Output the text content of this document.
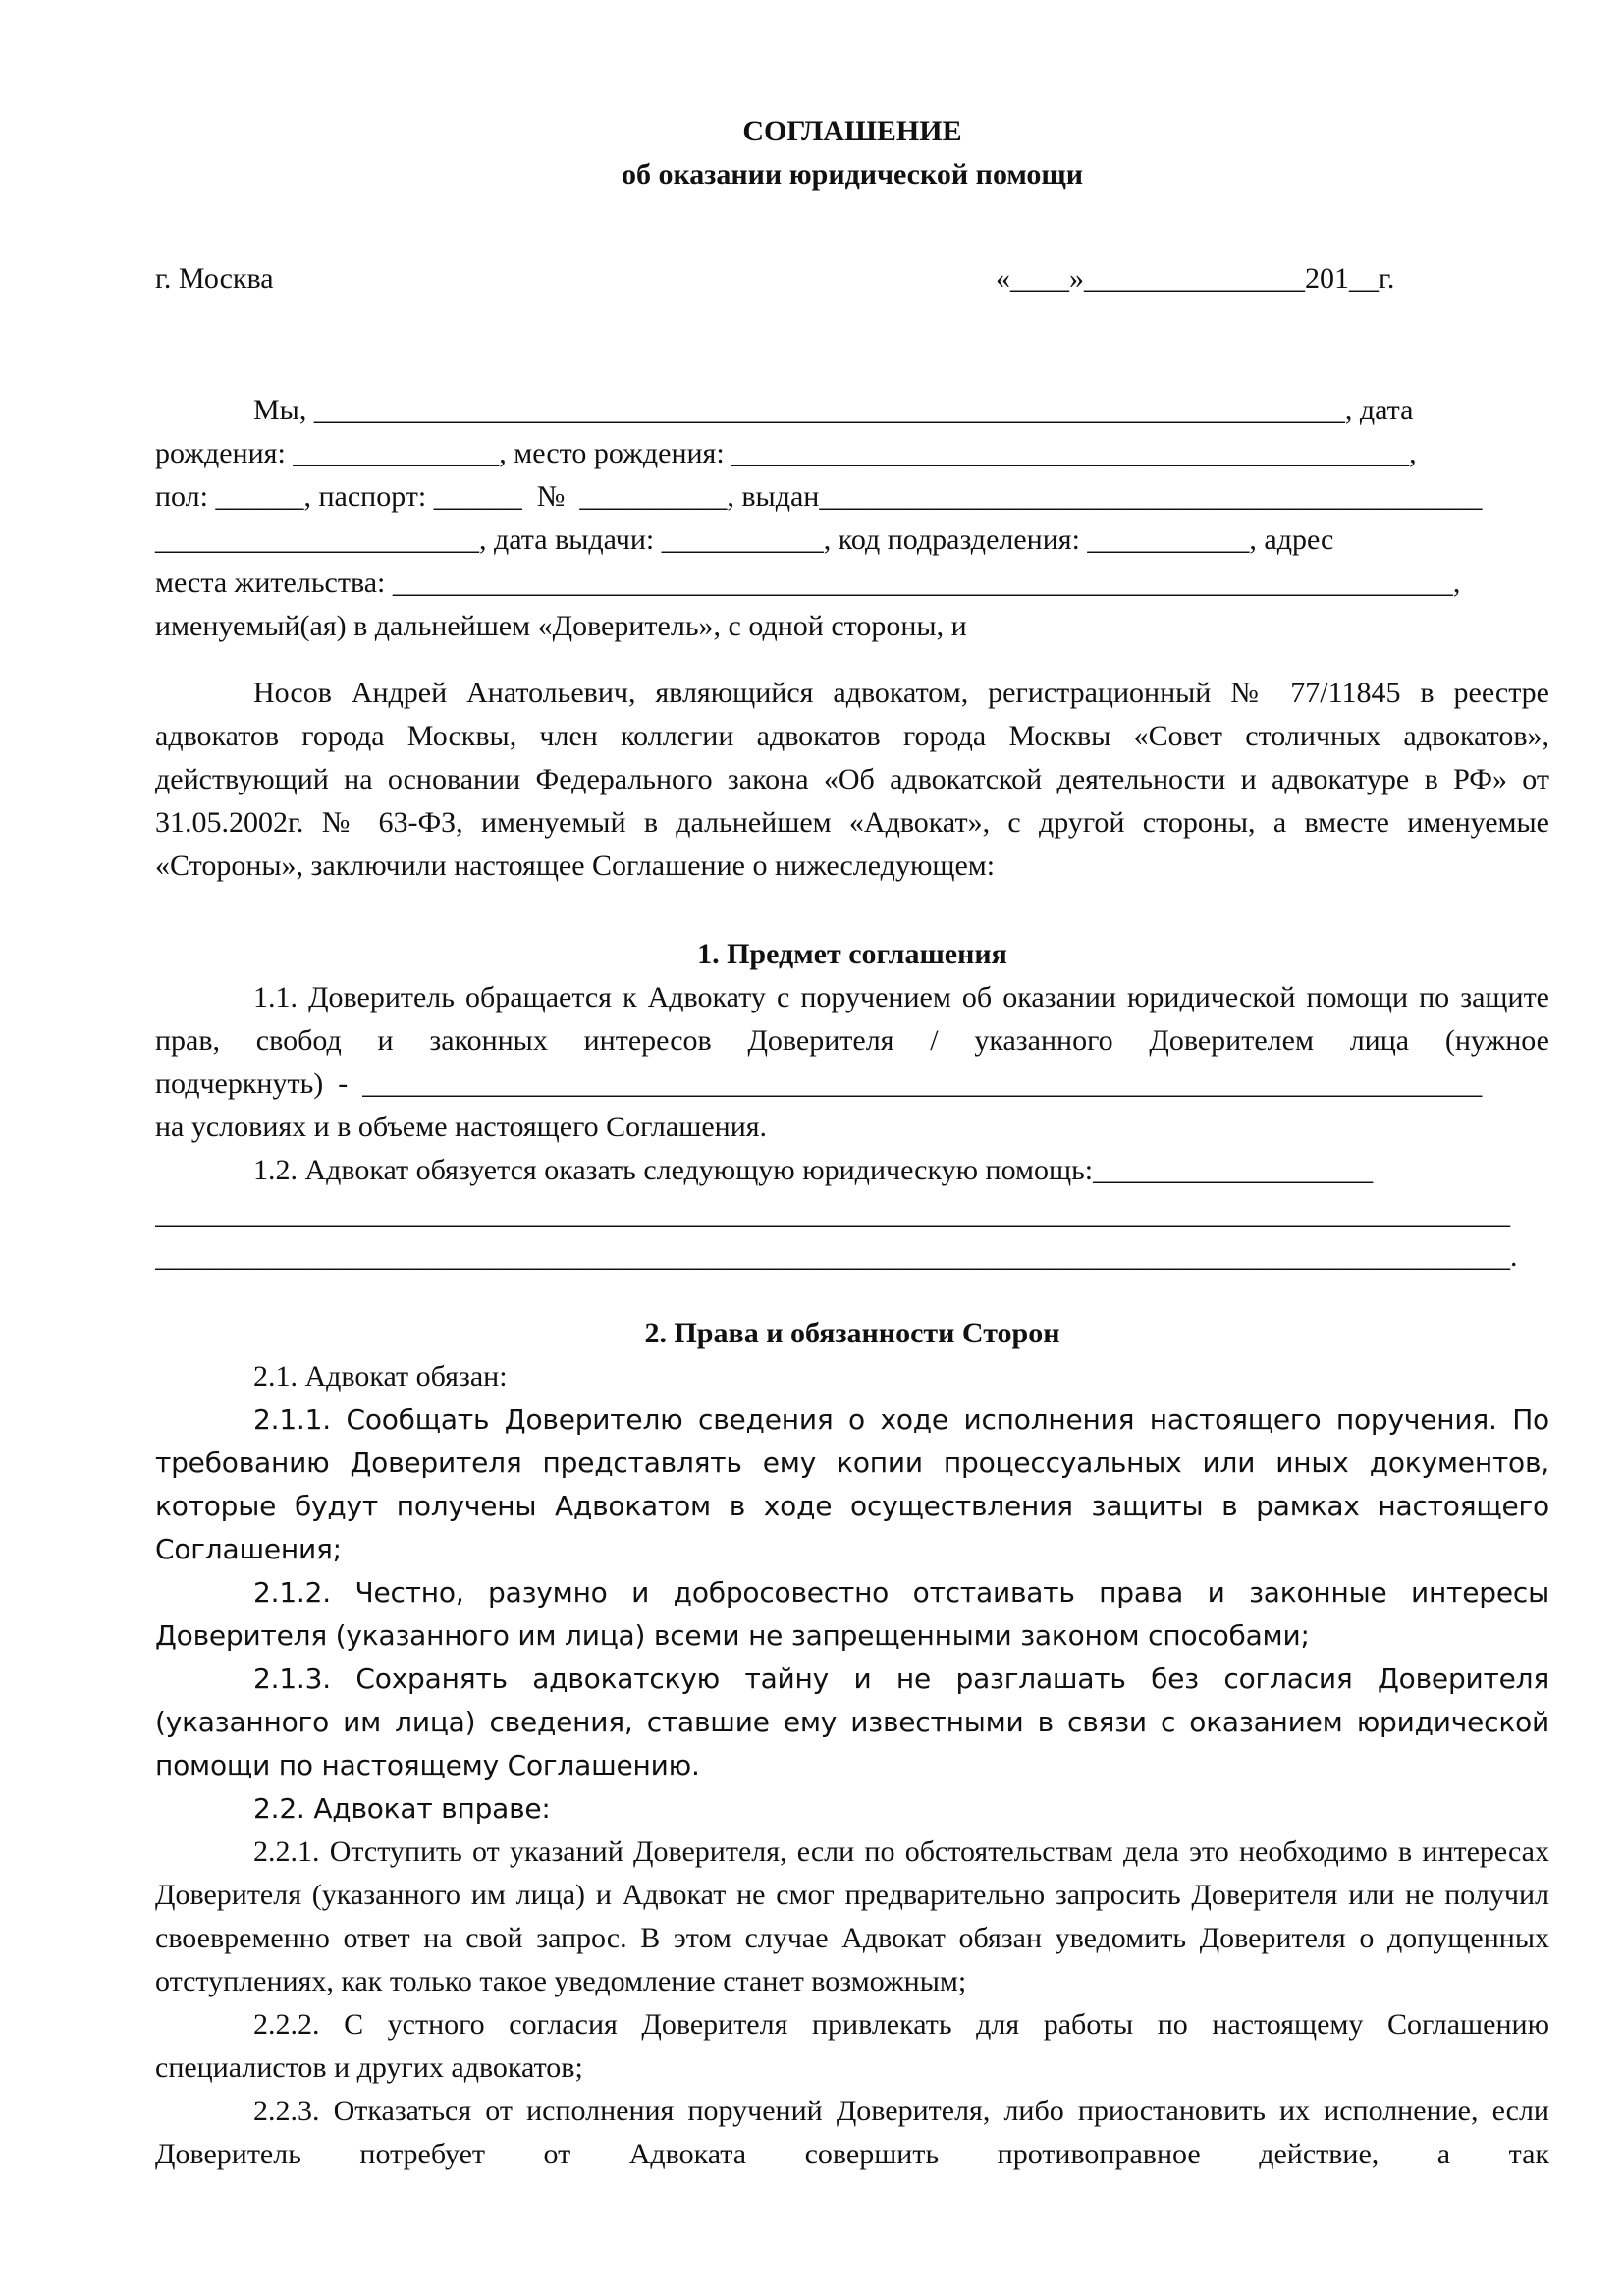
СОГЛАШЕНИЕ
об оказании юридической помощи
г. Москва	«____»_______________201__г.
Мы, ______________________________________________________________________, дата
рождения: ______________, место рождения: ______________________________________________,
пол: ______, паспорт: ______  №  __________, выдан_____________________________________________
______________________, дата выдачи: ___________, код подразделения: ___________, адрес
места жительства: ________________________________________________________________________,
именуемый(ая) в дальнейшем «Доверитель», с одной стороны, и

Носов Андрей Анатольевич, являющийся адвокатом, регистрационный № 77/11845 в реестре адвокатов города Москвы, член коллегии адвокатов города Москвы «Совет столичных адвокатов», действующий на основании Федерального закона «Об адвокатской деятельности и адвокатуре в РФ» от 31.05.2002г. № 63-ФЗ, именуемый в дальнейшем «Адвокат», с другой стороны, а вместе именуемые «Стороны», заключили настоящее Соглашение о нижеследующем:

1. Предмет соглашения

1.1. Доверитель обращается к Адвокату с поручением об оказании юридической помощи по защите прав, свобод и законных интересов Доверителя / указанного Доверителем лица (нужное

подчеркнуть)  -  ____________________________________________________________________________
на условиях и в объеме настоящего Соглашения.
1.2. Адвокат обязуется оказать следующую юридическую помощь:___________________
____________________________________________________________________________________________
____________________________________________________________________________________________.
2. Права и обязанности Сторон

2.1. Адвокат обязан:

2.1.1. Сообщать Доверителю сведения о ходе исполнения настоящего поручения. По требованию Доверителя представлять ему копии процессуальных или иных документов, которые будут получены Адвокатом в ходе осуществления защиты в рамках настоящего Соглашения;

2.1.2. Честно, разумно и добросовестно отстаивать права и законные интересы Доверителя (указанного им лица) всеми не запрещенными законом способами;

2.1.3. Сохранять адвокатскую тайну и не разглашать без согласия Доверителя (указанного им лица) сведения, ставшие ему известными в связи с оказанием юридической помощи по настоящему Соглашению.

2.2. Адвокат вправе:

2.2.1. Отступить от указаний Доверителя, если по обстоятельствам дела это необходимо в интересах Доверителя (указанного им лица) и Адвокат не смог предварительно запросить Доверителя или не получил своевременно ответ на свой запрос. В этом случае Адвокат обязан уведомить Доверителя о допущенных отступлениях, как только такое уведомление станет возможным;

2.2.2. С устного согласия Доверителя привлекать для работы по настоящему Соглашению специалистов и других адвокатов;

2.2.3. Отказаться от исполнения поручений Доверителя, либо приостановить их исполнение, если Доверитель потребует от Адвоката совершить противоправное действие, а так
